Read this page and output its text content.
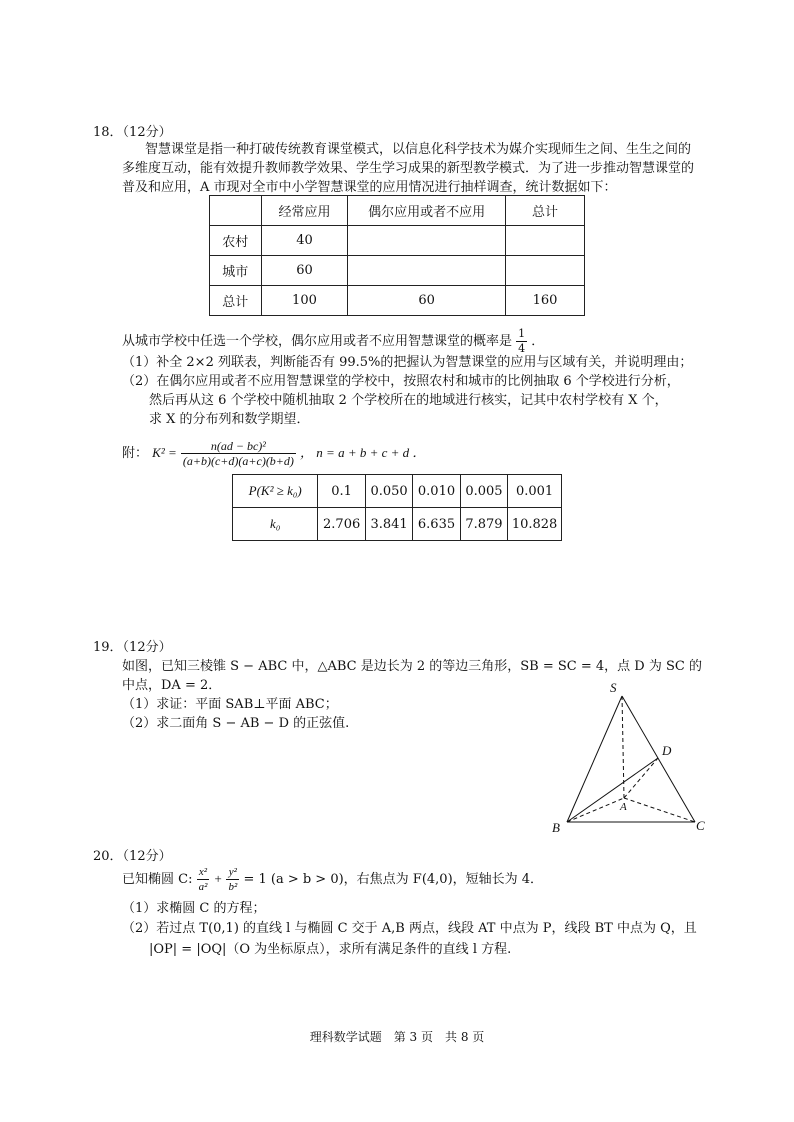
18．（12分）
智慧课堂是指一种打破传统教育课堂模式，以信息化科学技术为媒介实现师生之间、生生之间的
多维度互动，能有效提升教师教学效果、学生学习成果的新型教学模式．为了进一步推动智慧课堂的
普及和应用，A 市现对全市中小学智慧课堂的应用情况进行抽样调查，统计数据如下：
	经常应用	偶尔应用或者不应用	总计
农村	40		
城市	60		
总计	100	60	160
从城市学校中任选一个学校，偶尔应用或者不应用智慧课堂的概率是 $\frac{1}{4}$ ．
（1）补全 2×2 列联表，判断能否有 99.5%的把握认为智慧课堂的应用与区域有关，并说明理由；
（2）在偶尔应用或者不应用智慧课堂的学校中，按照农村和城市的比例抽取 6 个学校进行分析，
然后再从这 6 个学校中随机抽取 2 个学校所在的地域进行核实，记其中农村学校有 X 个，
求 X 的分布列和数学期望．
附： $K^2 = \frac{\text{n(ad − bc)²}}{(a+b)(c+d)(a+c)(b+d)}$ ， n = a + b + c + d ．
P(K² ≥ k₀)	0.1	0.050	0.010	0.005	0.001
k₀	2.706	3.841	6.635	7.879	10.828
19．（12分）
如图，已知三棱锥 S − ABC 中，△ABC 是边长为 2 的等边三角形，SB = SC = 4，点 D 为 SC 的
中点，DA = 2．
（1）求证：平面 SAB⊥平面 ABC；
（2）求二面角 S − AB − D 的正弦值.
S
D
A
B	C
20．（12分）
已知椭圆 C: $\frac{\text{x²}}{\text{a²}} + \frac{\text{y²}}{\text{b²}} = 1$ (a > b > 0)，右焦点为 F(4,0)，短轴长为 4．
（1）求椭圆 C 的方程；
（2）若过点 T(0,1) 的直线 l 与椭圆 C 交于 A,B 两点，线段 AT 中点为 P，线段 BT 中点为 Q，且
|OP| = |OQ|（O 为坐标原点），求所有满足条件的直线 l 方程.
理科数学试题　第 3 页　共 8 页
